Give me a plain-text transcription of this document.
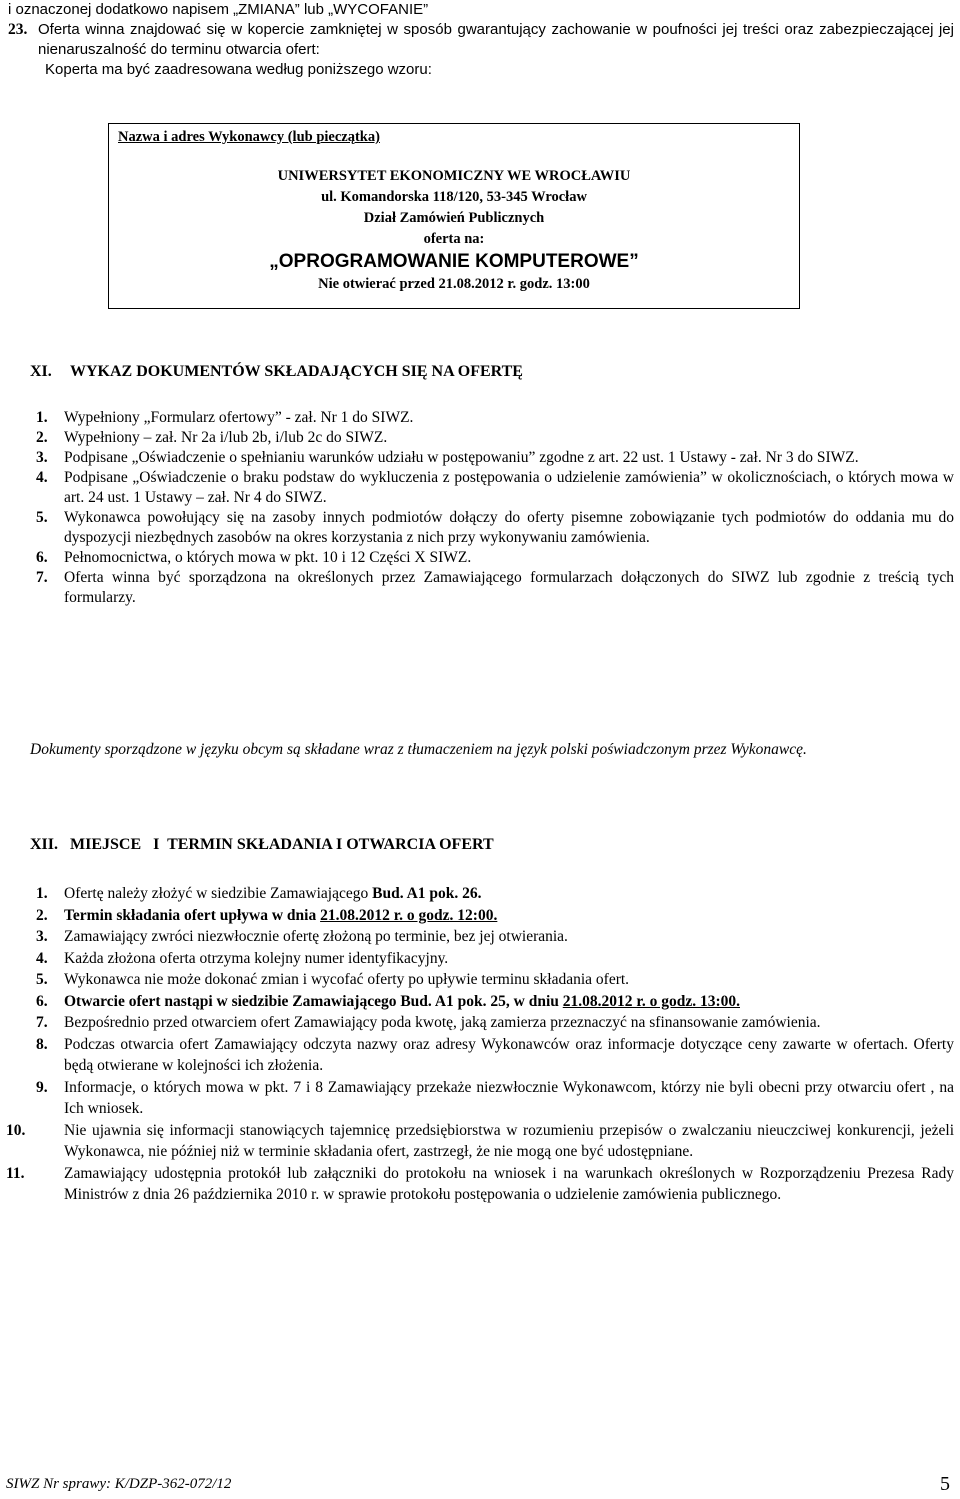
i oznaczonej dodatkowo napisem „ZMIANA” lub „WYCOFANIE”

23. Oferta winna znajdować się w kopercie zamkniętej w sposób gwarantujący zachowanie w poufności jej treści oraz zabezpieczającej jej nienaruszalność do terminu otwarcia ofert:

Koperta ma być zaadresowana według poniższego wzoru:

Nazwa i adres Wykonawcy (lub pieczątka)
UNIWERSYTET EKONOMICZNY WE WROCŁAWIU
ul. Komandorska 118/120, 53-345 Wrocław
Dział Zamówień Publicznych
oferta na:
„OPROGRAMOWANIE KOMPUTEROWE”
Nie otwierać przed 21.08.2012 r. godz. 13:00
XI.	WYKAZ DOKUMENTÓW SKŁADAJĄCYCH SIĘ NA OFERTĘ
1.	Wypełniony „Formularz ofertowy” - zał. Nr 1 do SIWZ.
2.	Wypełniony – zał. Nr 2a i/lub 2b, i/lub 2c do SIWZ.
3.	Podpisane „Oświadczenie o spełnianiu warunków udziału w postępowaniu” zgodne z art. 22 ust. 1 Ustawy - zał. Nr 3 do SIWZ.
4.	Podpisane „Oświadczenie o braku podstaw do wykluczenia z postępowania o udzielenie zamówienia” w okolicznościach, o których mowa w art. 24 ust. 1 Ustawy – zał. Nr 4 do SIWZ.
5.	Wykonawca powołujący się na zasoby innych podmiotów dołączy do oferty pisemne zobowiązanie tych podmiotów do oddania mu do dyspozycji niezbędnych zasobów na okres korzystania z nich przy wykonywaniu zamówienia.
6.	Pełnomocnictwa, o których mowa w pkt. 10 i 12 Części X SIWZ.
7.	Oferta winna być sporządzona na określonych przez Zamawiającego formularzach dołączonych do SIWZ lub zgodnie z treścią tych formularzy.
Dokumenty sporządzone w języku obcym są składane wraz z tłumaczeniem na język polski poświadczonym przez Wykonawcę.
XII. MIEJSCE   I  TERMIN SKŁADANIA I OTWARCIA OFERT
1.	Ofertę należy złożyć w siedzibie Zamawiającego Bud. A1 pok. 26.
2.	Termin składania ofert upływa w dnia 21.08.2012 r. o godz. 12:00.
3.	Zamawiający zwróci niezwłocznie ofertę złożoną po terminie, bez jej otwierania.
4.	Każda złożona oferta otrzyma kolejny numer identyfikacyjny.
5.	Wykonawca nie może dokonać zmian i wycofać oferty po upływie terminu składania ofert.
6.	Otwarcie ofert nastąpi w siedzibie Zamawiającego Bud. A1 pok. 25, w dniu 21.08.2012 r. o godz. 13:00.
7.	Bezpośrednio przed otwarciem ofert Zamawiający poda kwotę, jaką zamierza przeznaczyć na sfinansowanie zamówienia.
8.	Podczas otwarcia ofert Zamawiający odczyta nazwy oraz adresy Wykonawców oraz informacje dotyczące ceny zawarte w ofertach. Oferty będą otwierane w kolejności ich złożenia.
9.	Informacje, o których mowa w pkt. 7 i 8 Zamawiający przekaże niezwłocznie Wykonawcom, którzy nie byli obecni przy otwarciu ofert , na Ich wniosek.
10.	Nie ujawnia się informacji stanowiących tajemnicę przedsiębiorstwa w rozumieniu przepisów o zwalczaniu nieuczciwej konkurencji, jeżeli Wykonawca, nie później niż w terminie składania ofert, zastrzegł, że nie mogą one być udostępniane.
11.	Zamawiający udostępnia protokół lub załączniki do protokołu na wniosek i na warunkach określonych w Rozporządzeniu Prezesa Rady Ministrów z dnia 26 października 2010 r. w sprawie protokołu postępowania o udzielenie zamówienia publicznego.
SIWZ Nr sprawy: K/DZP-362-072/12	5
